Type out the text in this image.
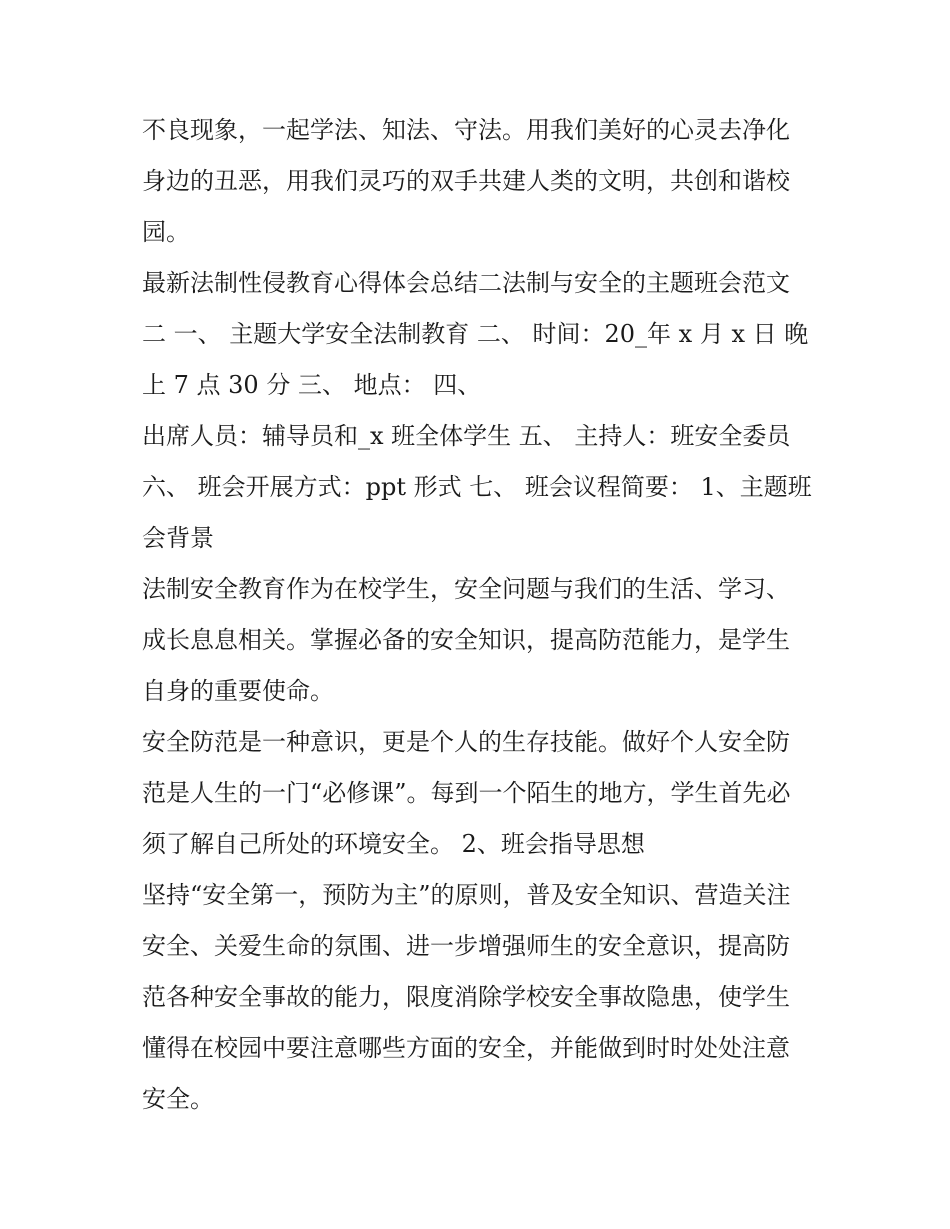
不良现象，一起学法、知法、守法。用我们美好的心灵去净化
身边的丑恶，用我们灵巧的双手共建人类的文明，共创和谐校
园。
最新法制性侵教育心得体会总结二法制与安全的主题班会范文
二 一、 主题大学安全法制教育 二、 时间：20_年 x 月 x 日 晚
上 7 点 30 分 三、 地点： 四、
出席人员：辅导员和_x 班全体学生 五、 主持人：班安全委员
六、 班会开展方式：ppt 形式 七、 班会议程简要： 1、主题班
会背景
法制安全教育作为在校学生，安全问题与我们的生活、学习、
成长息息相关。掌握必备的安全知识，提高防范能力，是学生
自身的重要使命。
安全防范是一种意识，更是个人的生存技能。做好个人安全防
范是人生的一门“必修课”。每到一个陌生的地方，学生首先必
须了解自己所处的环境安全。 2、班会指导思想
坚持“安全第一，预防为主”的原则，普及安全知识、营造关注
安全、关爱生命的氛围、进一步增强师生的安全意识，提高防
范各种安全事故的能力，限度消除学校安全事故隐患，使学生
懂得在校园中要注意哪些方面的安全，并能做到时时处处注意
安全。
